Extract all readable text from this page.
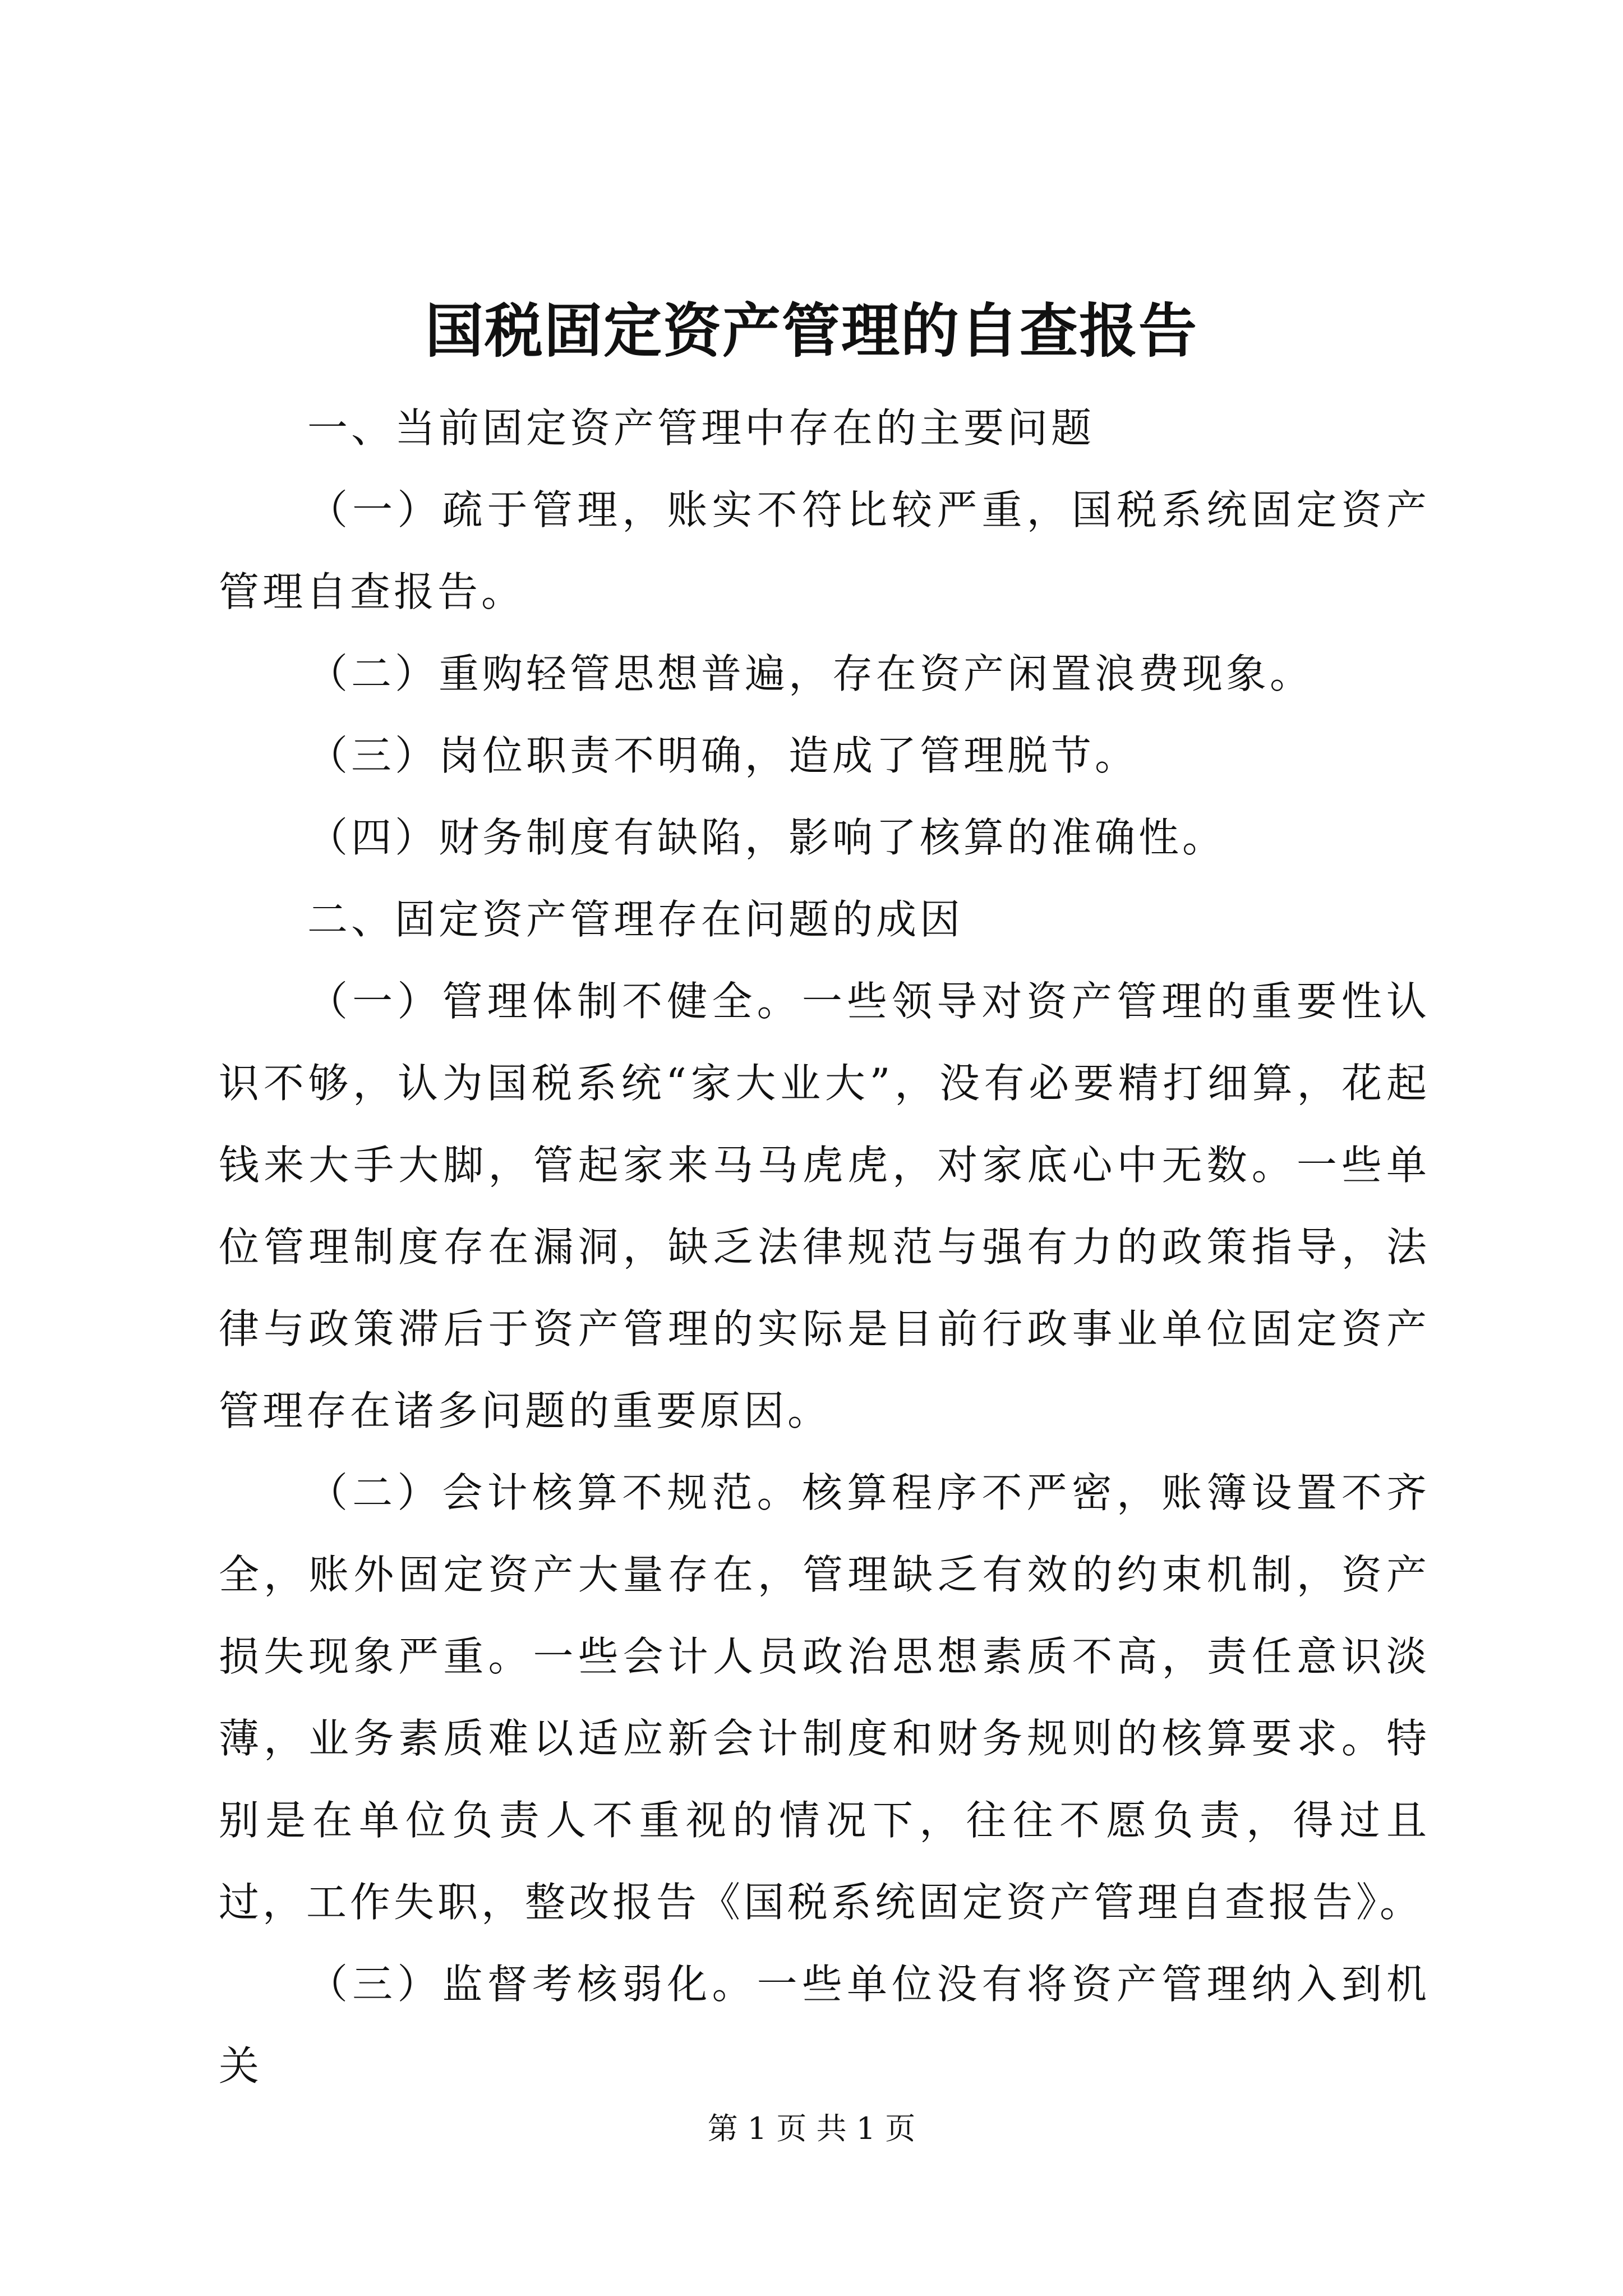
国税固定资产管理的自查报告

一、当前固定资产管理中存在的主要问题

（一）疏于管理，账实不符比较严重，国税系统固定资产管理自查报告。

（二）重购轻管思想普遍，存在资产闲置浪费现象。

（三）岗位职责不明确，造成了管理脱节。

（四）财务制度有缺陷，影响了核算的准确性。

二、固定资产管理存在问题的成因

（一）管理体制不健全。一些领导对资产管理的重要性认识不够，认为国税系统“家大业大”，没有必要精打细算，花起钱来大手大脚，管起家来马马虎虎，对家底心中无数。一些单位管理制度存在漏洞，缺乏法律规范与强有力的政策指导，法律与政策滞后于资产管理的实际是目前行政事业单位固定资产管理存在诸多问题的重要原因。

（二）会计核算不规范。核算程序不严密，账簿设置不齐全，账外固定资产大量存在，管理缺乏有效的约束机制，资产损失现象严重。一些会计人员政治思想素质不高，责任意识淡薄，业务素质难以适应新会计制度和财务规则的核算要求。特别是在单位负责人不重视的情况下，往往不愿负责，得过且过，工作失职，整改报告《国税系统固定资产管理自查报告》。

（三）监督考核弱化。一些单位没有将资产管理纳入到机关

第 1 页 共 1 页
